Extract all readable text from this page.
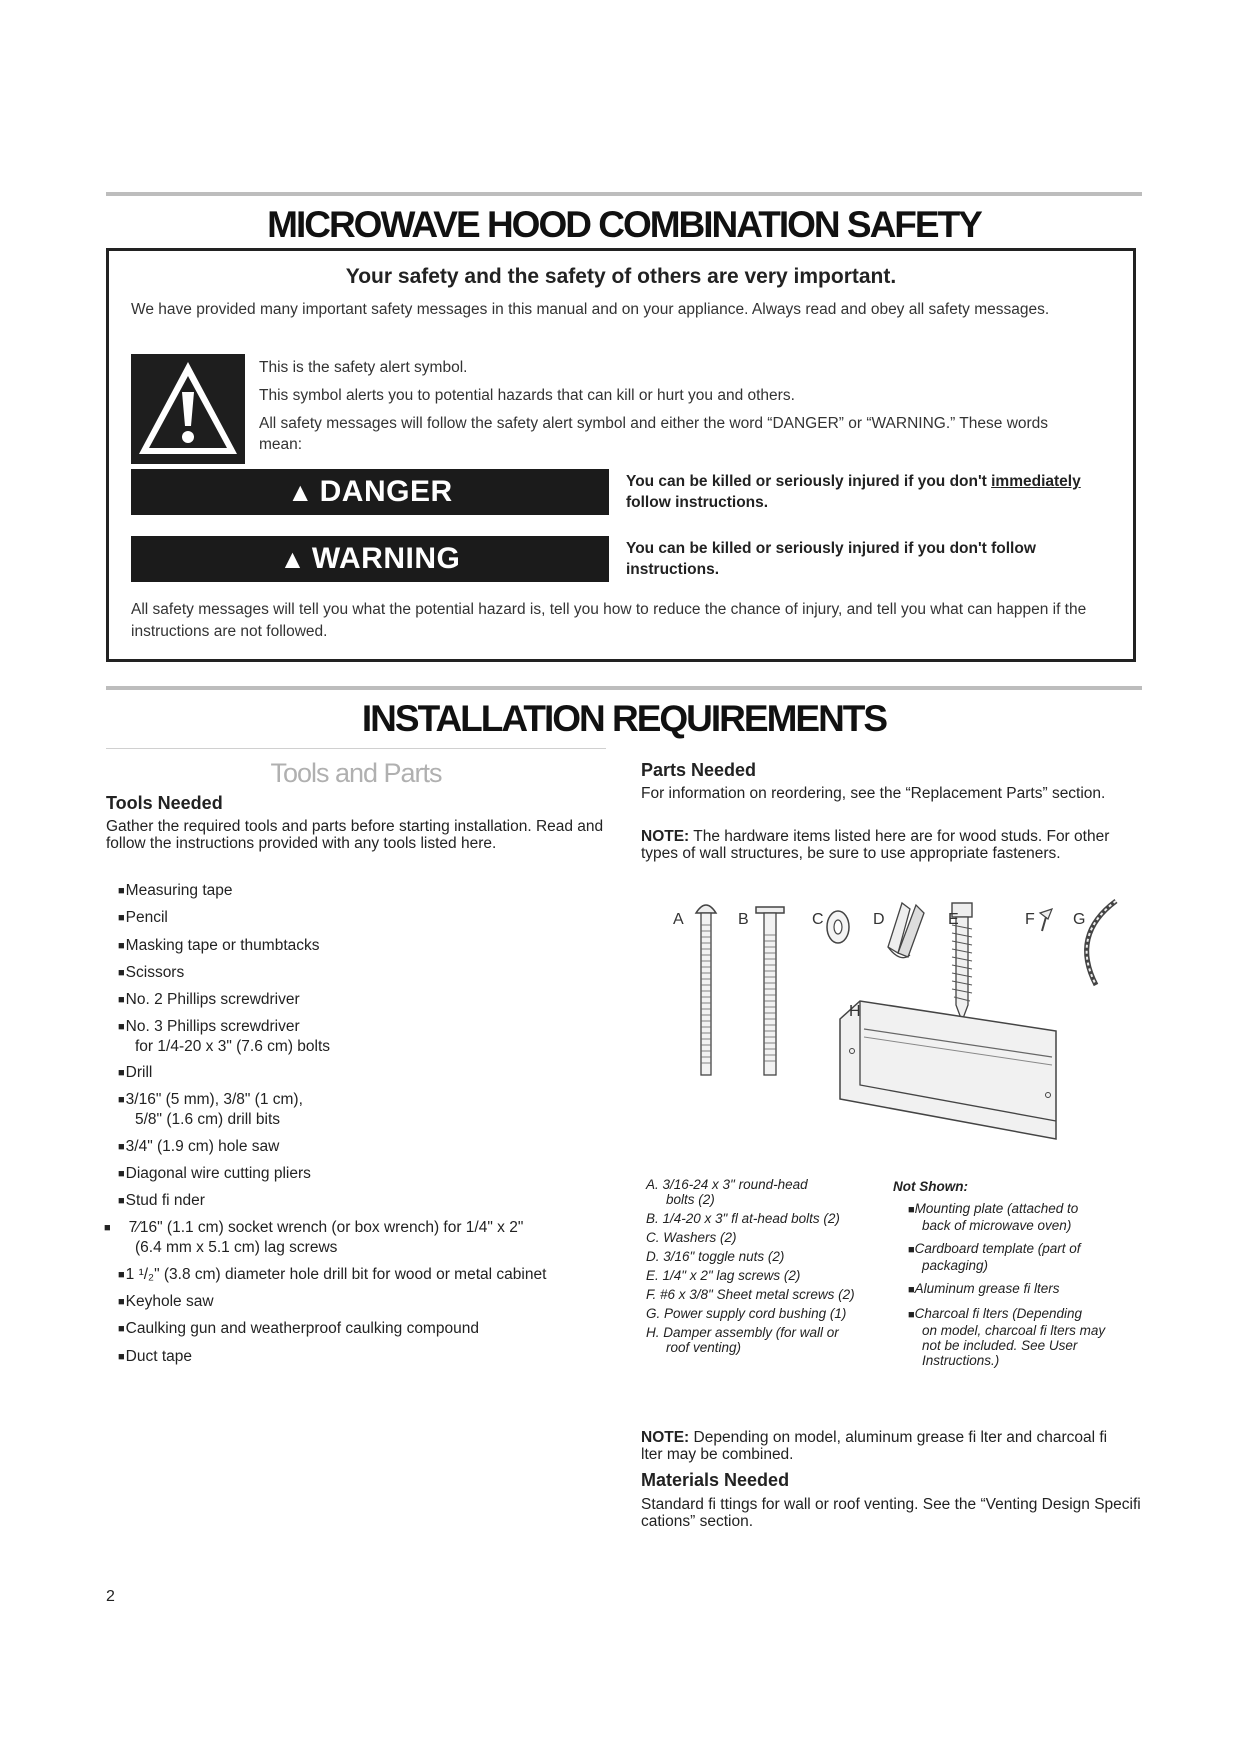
MICROWAVE HOOD COMBINATION SAFETY
Your safety and the safety of others are very important.
We have provided many important safety messages in this manual and on your appliance. Always read and obey all safety messages.
This is the safety alert symbol.
This symbol alerts you to potential hazards that can kill or hurt you and others.
All safety messages will follow the safety alert symbol and either the word “DANGER” or “WARNING.” These words mean:
▲ DANGER	You can be killed or seriously injured if you don't immediately follow instructions.
▲ WARNING	You can be killed or seriously injured if you don't follow instructions.
All safety messages will tell you what the potential hazard is, tell you how to reduce the chance of injury, and tell you what can happen if the instructions are not followed.
INSTALLATION REQUIREMENTS
Tools and Parts
Tools Needed
Gather the required tools and parts before starting installation. Read and follow the instructions provided with any tools listed here.
■Measuring tape
■Pencil
■Masking tape or thumbtacks
■Scissors
■No. 2 Phillips screwdriver
■No. 3 Phillips screwdriver
for 1/4-20 x 3" (7.6 cm) bolts
■Drill
■3/16" (5 mm), 3/8" (1 cm),
5/8" (1.6 cm) drill bits
■3/4" (1.9 cm) hole saw
■Diagonal wire cutting pliers
■Stud fi nder
■ 7⁄16" (1.1 cm) socket wrench (or box wrench) for 1/4" x 2"
(6.4 mm x 5.1 cm) lag screws
■1 ¹/₂" (3.8 cm) diameter hole drill bit for wood or metal cabinet
■Keyhole saw
■Caulking gun and weatherproof caulking compound
■Duct tape
Parts Needed
For information on reordering, see the “Replacement Parts” section.
NOTE: The hardware items listed here are for wood studs. For other types of wall structures, be sure to use appropriate fasteners.
A	B	C	D	E	F G
H
A. 3/16-24 x 3" round-head
bolts (2)
B. 1/4-20 x 3" fl at-head bolts (2)
C. Washers (2)
D. 3/16" toggle nuts (2)
E. 1/4" x 2" lag screws (2)
F. #6 x 3/8" Sheet metal screws (2)
G. Power supply cord bushing (1)
H. Damper assembly (for wall or
roof venting)
Not Shown:
■Mounting plate (attached to
back of microwave oven)
■Cardboard template (part of
packaging)
■Aluminum grease fi lters
■Charcoal fi lters (Depending
on model, charcoal fi lters may
not be included. See User
Instructions.)
NOTE: Depending on model, aluminum grease fi lter and charcoal fi lter may be combined.
Materials Needed
Standard fi ttings for wall or roof venting. See the “Venting Design Specifi cations” section.
2
